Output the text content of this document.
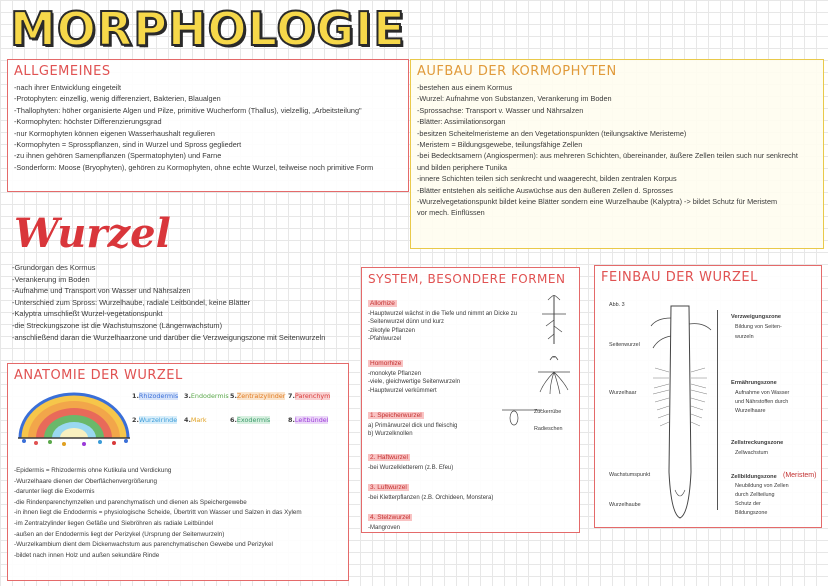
MORPHOLOGIE
ALLGEMEINES
-nach ihrer Entwicklung eingeteilt
-Protophyten: einzellig, wenig differenziert, Bakterien, Blaualgen
-Thallophyten: höher organisierte Algen und Pilze, primitive Wucherform (Thallus), vielzellig, „Arbeitsteilung"
-Kormophyten: höchster Differenzierungsgrad
-nur Kormophyten können eigenen Wasserhaushalt regulieren
-Kormophyten = Sprosspflanzen, sind in Wurzel und Spross gegliedert
-zu ihnen gehören Samenpflanzen (Spermatophyten) und Farne
-Sonderform: Moose (Bryophyten), gehören zu Kormophyten, ohne echte Wurzel, teilweise noch primitive Form
AUFBAU DER KORMOPHYTEN
-bestehen aus einem Kormus
-Wurzel: Aufnahme von Substanzen, Verankerung im Boden
-Sprossachse: Transport v. Wasser und Nährsalzen
-Blätter: Assimilationsorgan
-besitzen Scheitelmeristeme an den Vegetationspunkten (teilungsaktive Meristeme)
-Meristem = Bildungsgewebe, teilungsfähige Zellen
-bei Bedecktsamern (Angiospermen): aus mehreren Schichten, übereinander, äußere Zellen teilen such nur senkrecht
und bilden periphere Tunika
-innere Schichten teilen sich senkrecht und waagerecht, bilden zentralen Korpus
-Blätter entstehen als seitliche Auswüchse aus den äußeren Zellen d. Sprosses
-Wurzelvegetationspunkt bildet keine Blätter sondern eine Wurzelhaube (Kalyptra) -> bildet Schutz für Meristem
vor mech. Einflüssen
Wurzel
-Grundorgan des Kormus
-Verankerung im Boden
-Aufnahme und Transport von Wasser und Nährsalzen
-Unterschied zum Spross: Wurzelhaube, radiale Leitbündel, keine Blätter
-Kalyptra umschließt Wurzel-vegetationspunkt
-die Streckungszone ist die Wachstumszone (Längenwachstum)
-anschließend daran die Wurzelhaarzone und darüber die Verzweigungszone mit Seitenwurzeln
ANATOMIE DER WURZEL
1.Rhizodermis
2.Wurzelrinde
3.Endodermis
4.Mark
5.Zentralzylinder
6.Exodermis
7.Parenchym
8.Leitbündel
-Epidermis = Rhizodermis ohne Kutikula und Verdickung
-Wurzelhaare dienen der Oberflächenvergrößerung
-darunter liegt die Exodermis
-die Rindenparenchymzellen und parenchymatisch und dienen als Speichergewebe
-in ihnen liegt die Endodermis = physiologische Scheide, Übertritt von Wasser und Salzen in das Xylem
-im Zentralzylinder liegen Gefäße und Siebröhren als radiale Leitbündel
-außen an der Endodermis liegt der Perizykel (Ursprung der Seitenwurzeln)
-Wurzelkambium dient dem Dickenwachstum aus parenchymatischen Gewebe und Perizykel
-bildet nach innen Holz und außen sekundäre Rinde
SYSTEM, BESONDERE FORMEN
Allorhize
-Hauptwurzel wächst in die Tiefe und nimmt an Dicke zu
-Seitenwurzel dünn und kurz
-zikotyle Pflanzen
-Pfahlwurzel
Homorhize
-monokyte Pflanzen
-viele, gleichwertige Seitenwurzeln
-Hauptwurzel verkümmert
1. Speicherwurzel
a) Primärwurzel dick und fleischig
b) Wurzelknollen
2. Haftwurzel
-bei Wurzelkletterern (z.B. Efeu)
3. Luftwurzel
-bei Kletterpflanzen (z.B. Orchideen, Monstera)
4. Stelzwurzel
-Mangroven
Zuckerrübe
Radieschen
FEINBAU DER WURZEL
Abb. 3
Seitenwurzel
Wurzelhaar
Wachstumspunkt
Wurzelhaube
Verzweigungszone
Bildung von Seiten-
wurzeln
Ermährungszone
Aufnahme von Wasser
und Nährstoffen durch
Wurzelhaare
Zellstreckungszone
Zellwachstum
Zellbildungszone (Meristem)
Neubildung von Zellen
durch Zellteilung
Schutz der
Bildungszone
